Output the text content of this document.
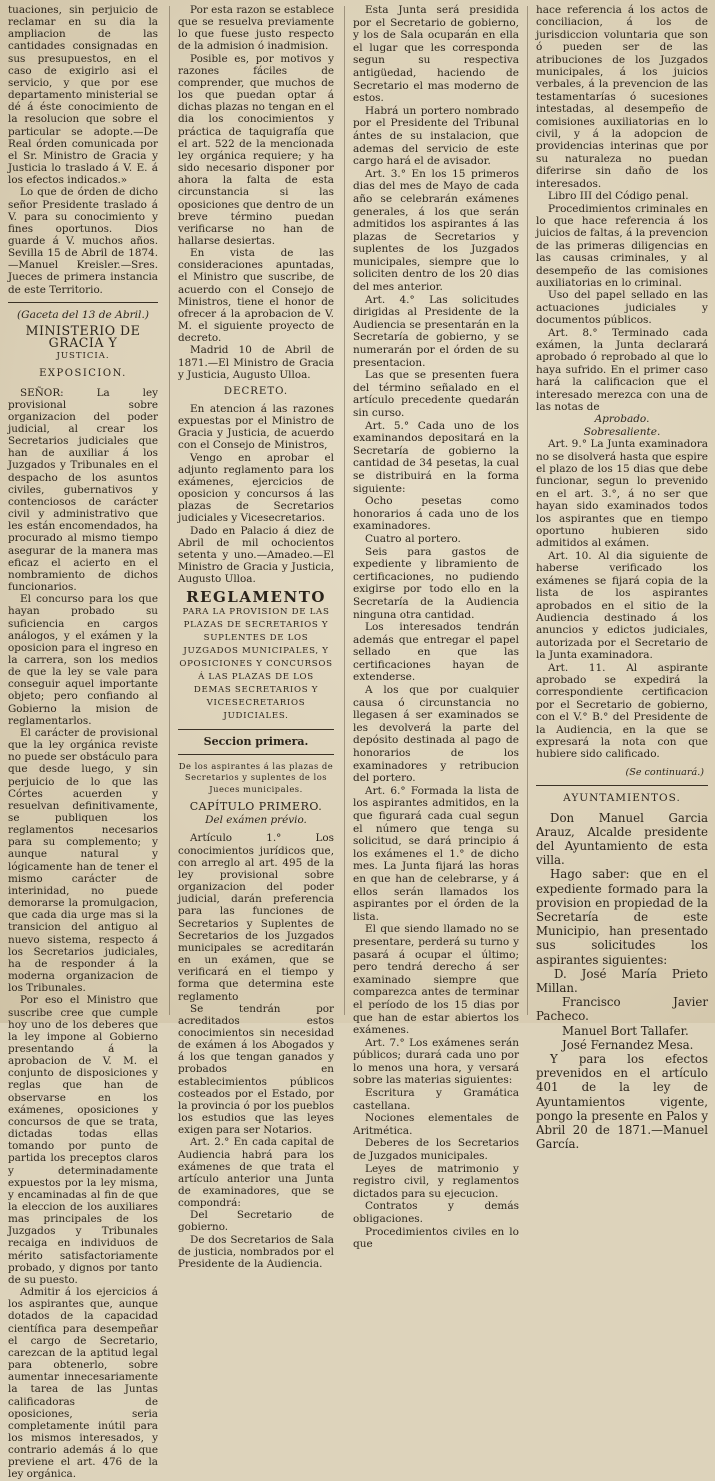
tuaciones, sin perjuicio de reclamar en su dia la ampliacion de las cantidades consignadas en sus presupuestos, en el caso de exigirlo asi el servicio, y que por ese departamento ministerial se dé á éste conocimiento de la resolucion que sobre el particular se adopte.—De Real órden comunicada por el Sr. Ministro de Gracia y Justicia lo traslado á V. E. á los efectos indicados.»

Lo que de órden de dicho señor Presidente traslado á V. para su conocimiento y fines oportunos. Dios guarde á V. muchos años. Sevilla 15 de Abril de 1874.—Manuel Kreisler.—Sres. Jueces de primera instancia de este Territorio.

(Gaceta del 13 de Abril.)
MINISTERIO DE GRACIA Y
JUSTICIA.
EXPOSICION.

SEÑOR: La ley provisional sobre organizacion del poder judicial, al crear los Secretarios judiciales que han de auxiliar á los Juzgados y Tribunales en el despacho de los asuntos civiles, gubernativos y contenciosos de carácter civil y administrativo que les están encomendados, ha procurado al mismo tiempo asegurar de la manera mas eficaz el acierto en el nombramiento de dichos funcionarios.

El concurso para los que hayan probado su suficiencia en cargos análogos, y el exámen y la oposicion para el ingreso en la carrera, son los medios de que la ley se vale para conseguir aquel importante objeto; pero confiando al Gobierno la mision de reglamentarlos.

El carácter de provisional que la ley orgánica reviste no puede ser obstáculo para que desde luego, y sin perjuicio de lo que las Córtes acuerden y resuelvan definitivamente, se publiquen los reglamentos necesarios para su complemento; y aunque natural y lógicamente han de tener el mismo carácter de interinidad, no puede demorarse la promulgacion, que cada dia urge mas si la transicion del antiguo al nuevo sistema, respecto á los Secretarios judiciales, ha de responder á la moderna organizacion de los Tribunales.

Por eso el Ministro que suscribe cree que cumple hoy uno de los deberes que la ley impone al Gobierno presentando á la aprobacion de V. M. el conjunto de disposiciones y reglas que han de observarse en los exámenes, oposiciones y concursos de que se trata, dictadas todas ellas tomando por punto de partida los preceptos claros y determinadamente expuestos por la ley misma, y encaminadas al fin de que la eleccion de los auxiliares mas principales de los Juzgados y Tribunales recaiga en individuos de mérito satisfactoriamente probado, y dignos por tanto de su puesto.

Admitir á los ejercicios á los aspirantes que, aunque dotados de la capacidad científica para desempeñar el cargo de Secretario, carezcan de la aptitud legal para obtenerlo, sobre aumentar innecesariamente la tarea de las Juntas calificadoras de oposiciones, seria completamente inútil para los mismos interesados, y contrario además á lo que previene el art. 476 de la ley orgánica.

Por esta razon se establece que se resuelva previamente lo que fuese justo respecto de la admision ó inadmision.

Posible es, por motivos y razones fáciles de comprender, que muchos de los que puedan optar á dichas plazas no tengan en el dia los conocimientos y práctica de taquigrafía que el art. 522 de la mencionada ley orgánica requiere; y ha sido necesario disponer por ahora la falta de esta circunstancia si las oposiciones que dentro de un breve término puedan verificarse no han de hallarse desiertas.

En vista de las consideraciones apuntadas, el Ministro que suscribe, de acuerdo con el Consejo de Ministros, tiene el honor de ofrecer á la aprobacion de V. M. el siguiente proyecto de decreto.

Madrid 10 de Abril de 1871.—El Ministro de Gracia y Justicia, Augusto Ulloa.

DECRETO.

En atencion á las razones expuestas por el Ministro de Gracia y Justicia, de acuerdo con el Consejo de Ministros,

Vengo en aprobar el adjunto reglamento para los exámenes, ejercicios de oposicion y concursos á las plazas de Secretarios judiciales y Vicesecretarios.

Dado en Palacio á diez de Abril de mil ochocientos setenta y uno.—Amadeo.—El Ministro de Gracia y Justicia, Augusto Ulloa.

REGLAMENTO
PARA LA PROVISION DE LAS PLAZAS DE SECRETARIOS Y SUPLENTES DE LOS JUZGADOS MUNICIPALES, Y OPOSICIONES Y CONCURSOS Á LAS PLAZAS DE LOS DEMAS SECRETARIOS Y VICESECRETARIOS JUDICIALES.
Seccion primera.
De los aspirantes á las plazas de Secretarios y suplentes de los Jueces municipales.
CAPÍTULO PRIMERO.
Del exámen prévio.

Artículo 1.° Los conocimientos jurídicos que, con arreglo al art. 495 de la ley provisional sobre organizacion del poder judicial, darán preferencia para las funciones de Secretarios y Suplentes de Secretarios de los Juzgados municipales se acreditarán en un exámen, que se verificará en el tiempo y forma que determina este reglamento

Se tendrán por acreditados estos conocimientos sin necesidad de exámen á los Abogados y á los que tengan ganados y probados en establecimientos públicos costeados por el Estado, por la provincia ó por los pueblos los estudios que las leyes exigen para ser Notarios.

Art. 2.° En cada capital de Audiencia habrá para los exámenes de que trata el artículo anterior una Junta de examinadores, que se compondrá:

Del Secretario de gobierno.

De dos Secretarios de Sala de justicia, nombrados por el Presidente de la Audiencia.

Esta Junta será presidida por el Secretario de gobierno, y los de Sala ocuparán en ella el lugar que les corresponda segun su respectiva antigüedad, haciendo de Secretario el mas moderno de estos.

Habrá un portero nombrado por el Presidente del Tribunal ántes de su instalacion, que ademas del servicio de este cargo hará el de avisador.

Art. 3.° En los 15 primeros dias del mes de Mayo de cada año se celebrarán exámenes generales, á los que serán admitidos los aspirantes á las plazas de Secretarios y suplentes de los Juzgados municipales, siempre que lo soliciten dentro de los 20 dias del mes anterior.

Art. 4.° Las solicitudes dirigidas al Presidente de la Audiencia se presentarán en la Secretaría de gobierno, y se numerarán por el órden de su presentacion.

Las que se presenten fuera del término señalado en el artículo precedente quedarán sin curso.

Art. 5.° Cada uno de los examinandos depositará en la Secretaría de gobierno la cantidad de 34 pesetas, la cual se distribuirá en la forma siguiente:

Ocho pesetas como honorarios á cada uno de los examinadores.

Cuatro al portero.

Seis para gastos de expediente y libramiento de certificaciones, no pudiendo exigirse por todo ello en la Secretaría de la Audiencia ninguna otra cantidad.

Los interesados tendrán además que entregar el papel sellado en que las certificaciones hayan de extenderse.

A los que por cualquier causa ó circunstancia no llegasen á ser examinados se les devolverá la parte del depósito destinada al pago de honorarios de los examinadores y retribucion del portero.

Art. 6.° Formada la lista de los aspirantes admitidos, en la que figurará cada cual segun el número que tenga su solicitud, se dará principio á los exámenes el 1.° de dicho mes. La Junta fijará las horas en que han de celebrarse, y á ellos serán llamados los aspirantes por el órden de la lista.

El que siendo llamado no se presentare, perderá su turno y pasará á ocupar el último; pero tendrá derecho á ser examinado siempre que comparezca antes de terminar el período de los 15 dias por que han de estar abiertos los exámenes.

Art. 7.° Los exámenes serán públicos; durará cada uno por lo menos una hora, y versará sobre las materias siguientes:

Escritura y Gramática castellana.

Nociones elementales de Aritmética.

Deberes de los Secretarios de Juzgados municipales.

Leyes de matrimonio y registro civil, y reglamentos dictados para su ejecucion.

Contratos y demás obligaciones.

Procedimientos civiles en lo que

hace referencia á los actos de conciliacion, á los de jurisdiccion voluntaria que son ó pueden ser de las atribuciones de los Juzgados municipales, á los juicios verbales, á la prevencion de las testamentarías ó sucesiones intestadas, al desempeño de comisiones auxiliatorias en lo civil, y á la adopcion de providencias interinas que por su naturaleza no puedan diferirse sin daño de los interesados.

Libro III del Código penal.

Procedimientos criminales en lo que hace referencia á los juicios de faltas, á la prevencion de las primeras diligencias en las causas criminales, y al desempeño de las comisiones auxiliatorias en lo criminal.

Uso del papel sellado en las actuaciones judiciales y documentos públicos.

Art. 8.° Terminado cada exámen, la Junta declarará aprobado ó reprobado al que lo haya sufrido. En el primer caso hará la calificacion que el interesado merezca con una de las notas de

Aprobado.

Sobresaliente.

Art. 9.° La Junta examinadora no se disolverá hasta que espire el plazo de los 15 dias que debe funcionar, segun lo prevenido en el art. 3.°, á no ser que hayan sido examinados todos los aspirantes que en tiempo oportuno hubieren sido admitidos al exámen.

Art. 10. Al dia siguiente de haberse verificado los exámenes se fijará copia de la lista de los aspirantes aprobados en el sitio de la Audiencia destinado á los anuncios y edictos judiciales, autorizada por el Secretario de la Junta examinadora.

Art. 11. Al aspirante aprobado se expedirá la correspondiente certificacion por el Secretario de gobierno, con el V.° B.° del Presidente de la Audiencia, en la que se expresará la nota con que hubiere sido calificado.

(Se continuará.)
AYUNTAMIENTOS.

Don Manuel Garcia Arauz, Alcalde presidente del Ayuntamiento de esta villa.

Hago saber: que en el expediente formado para la provision en propiedad de la Secretaría de este Municipio, han presentado sus solicitudes los aspirantes siguientes:

D. José María Prieto Millan.

Francisco Javier Pacheco.

Manuel Bort Tallafer.

José Fernandez Mesa.

Y para los efectos prevenidos en el artículo 401 de la ley de Ayuntamientos vigente, pongo la presente en Palos y Abril 20 de 1871.—Manuel García.
